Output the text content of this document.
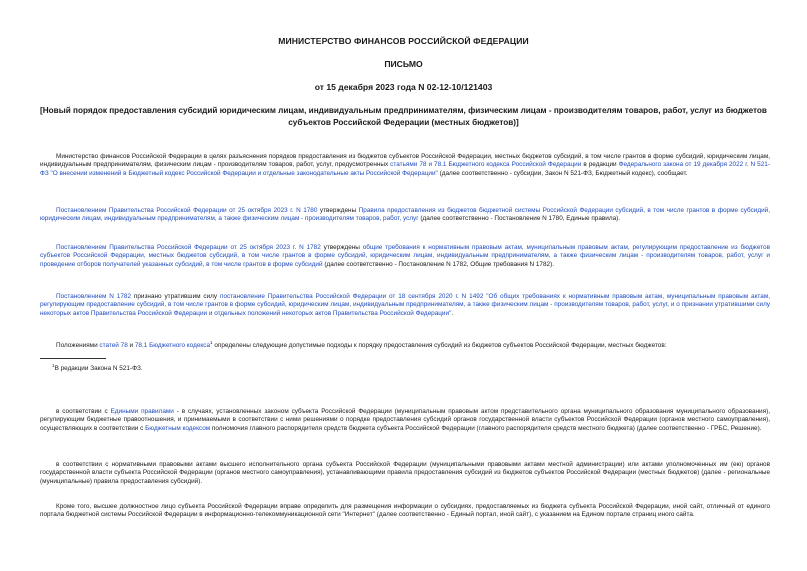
МИНИСТЕРСТВО ФИНАНСОВ РОССИЙСКОЙ ФЕДЕРАЦИИ
ПИСЬМО
от 15 декабря 2023 года N 02-12-10/121403
[Новый порядок предоставления субсидий юридическим лицам, индивидуальным предпринимателям, физическим лицам - производителям товаров, работ, услуг из бюджетов субъектов Российской Федерации (местных бюджетов)]
Министерство финансов Российской Федерации в целях разъяснения порядков предоставления из бюджетов субъектов Российской Федерации, местных бюджетов субсидий, в том числе грантов в форме субсидий, юридическим лицам, индивидуальным предпринимателям, физическим лицам - производителям товаров, работ, услуг, предусмотренных статьями 78 и 78.1 Бюджетного кодекса Российской Федерации в редакции Федерального закона от 19 декабря 2022 г. N 521-ФЗ "О внесении изменений в Бюджетный кодекс Российской Федерации и отдельные законодательные акты Российской Федерации" (далее соответственно - субсидии, Закон N 521-ФЗ, Бюджетный кодекс), сообщает.
Постановлением Правительства Российской Федерации от 25 октября 2023 г. N 1780 утверждены Правила предоставления из бюджетов бюджетной системы Российской Федерации субсидий, в том числе грантов в форме субсидий, юридическим лицам, индивидуальным предпринимателям, а также физическим лицам - производителям товаров, работ, услуг (далее соответственно - Постановление N 1780, Единые правила).
Постановлением Правительства Российской Федерации от 25 октября 2023 г. N 1782 утверждены общие требования к нормативным правовым актам, муниципальным правовым актам, регулирующим предоставление из бюджетов субъектов Российской Федерации, местных бюджетов субсидий, в том числе грантов в форме субсидий, юридическим лицам, индивидуальным предпринимателям, а также физическим лицам - производителям товаров, работ, услуг и проведение отборов получателей указанных субсидий, в том числе грантов в форме субсидий (далее соответственно - Постановление N 1782, Общие требования N 1782).
Постановлением N 1782 признано утратившим силу постановление Правительства Российской Федерации от 18 сентября 2020 г. N 1492 "Об общих требованиях к нормативным правовым актам, муниципальным правовым актам, регулирующим предоставление субсидий, в том числе грантов в форме субсидий, юридическим лицам, индивидуальным предпринимателям, а также физическим лицам - производителям товаров, работ, услуг, и о признании утратившими силу некоторых актов Правительства Российской Федерации и отдельных положений некоторых актов Правительства Российской Федерации".
Положениями статей 78 и 78.1 Бюджетного кодекса$^1$ определены следующие допустимые подходы к порядку предоставления субсидий из бюджетов субъектов Российской Федерации, местных бюджетов:
$^1$В редакции Закона N 521-ФЗ.
в соответствии с Едиными правилами - в случаях, установленных законом субъекта Российской Федерации (муниципальным правовым актом представительного органа муниципального образования муниципального образования), регулирующим бюджетные правоотношения, и принимаемыми в соответствии с ними решениями о порядке предоставления субсидий органов государственной власти субъектов Российской Федерации (органов местного самоуправления), осуществляющих в соответствии с Бюджетным кодексом полномочия главного распорядителя средств бюджета субъекта Российской Федерации (главного распорядителя средств местного бюджета) (далее соответственно - ГРБС, Решение).
в соответствии с нормативными правовыми актами высшего исполнительного органа субъекта Российской Федерации (муниципальными правовыми актами местной администрации) или актами уполномоченных им (ею) органов государственной власти субъекта Российской Федерации (органов местного самоуправления), устанавливающими правила предоставления субсидий из бюджетов субъектов Российской Федерации (местных бюджетов) (далее - региональные (муниципальные) правила предоставления субсидий).
Кроме того, высшее должностное лицо субъекта Российской Федерации вправе определить для размещения информации о субсидиях, предоставляемых из бюджета субъекта Российской Федерации, иной сайт, отличный от единого портала бюджетной системы Российской Федерации в информационно-телекоммуникационной сети "Интернет" (далее соответственно - Единый портал, иной сайт), с указанием на Едином портале страниц иного сайта.
